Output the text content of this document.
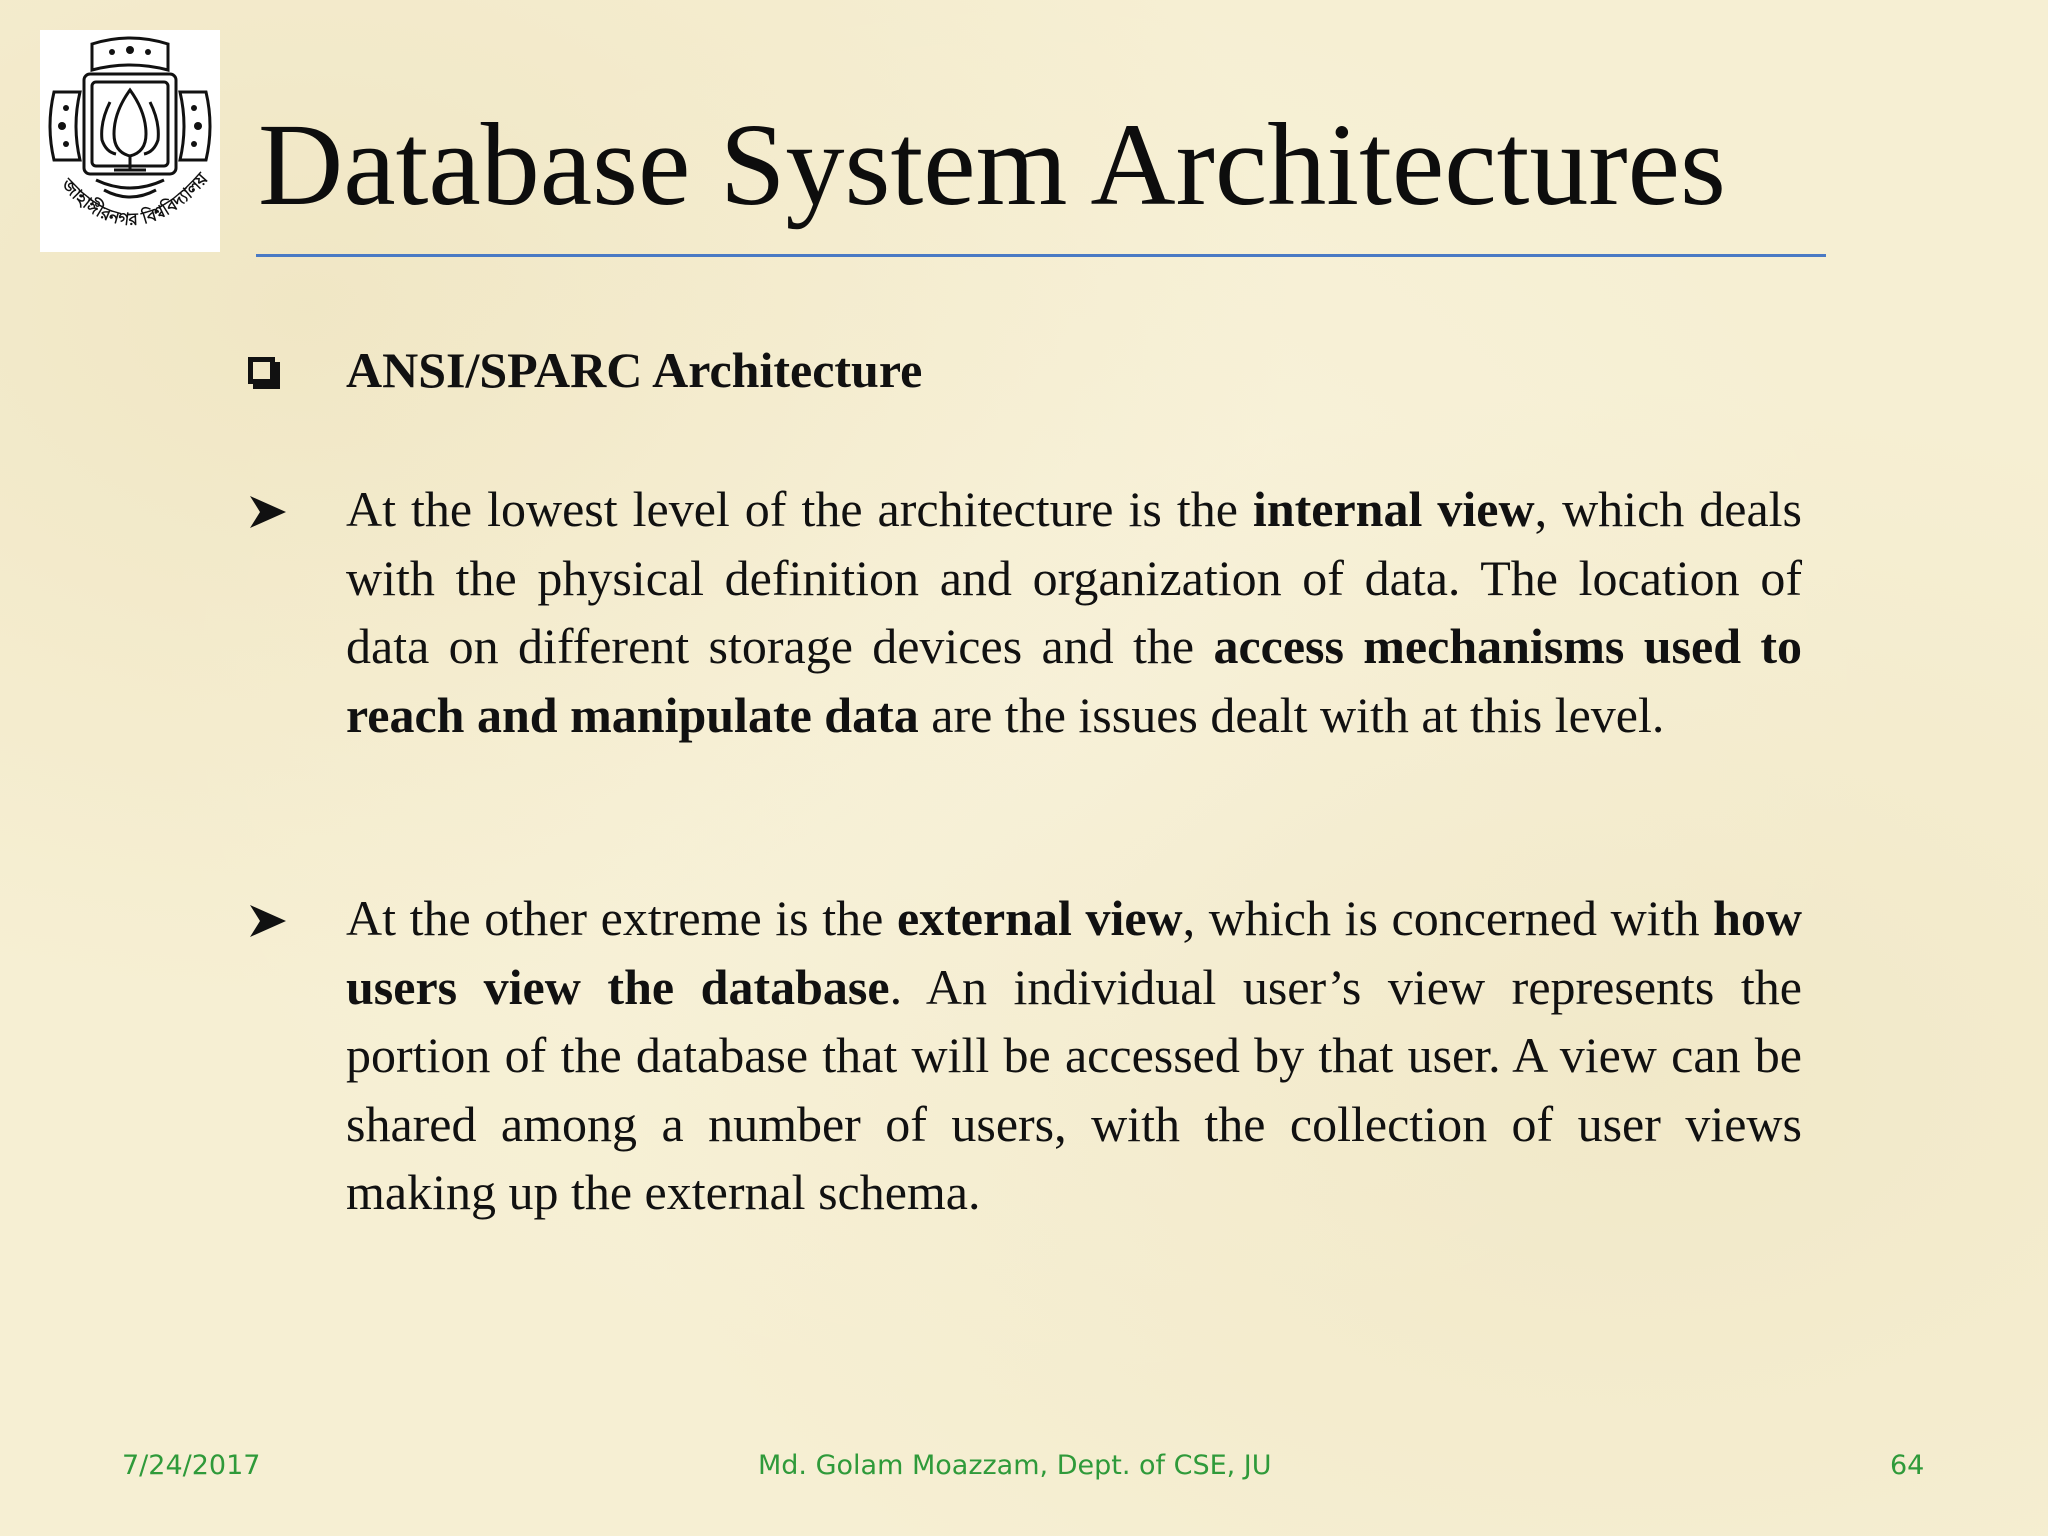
জাহাঙ্গীরনগর বিশ্ববিদ্যালয় Database System Architectures
ANSI/SPARC Architecture
At the lowest level of the architecture is the internal view, which deals with the physical definition and organization of data. The location of data on different storage devices and the access mechanisms used to reach and manipulate data are the issues dealt with at this level.
At the other extreme is the external view, which is concerned with how users view the database. An individual user’s view represents the portion of the database that will be accessed by that user. A view can be shared among a number of users, with the collection of user views making up the external schema.
7/24/2017	Md. Golam Moazzam, Dept. of CSE, JU	64
